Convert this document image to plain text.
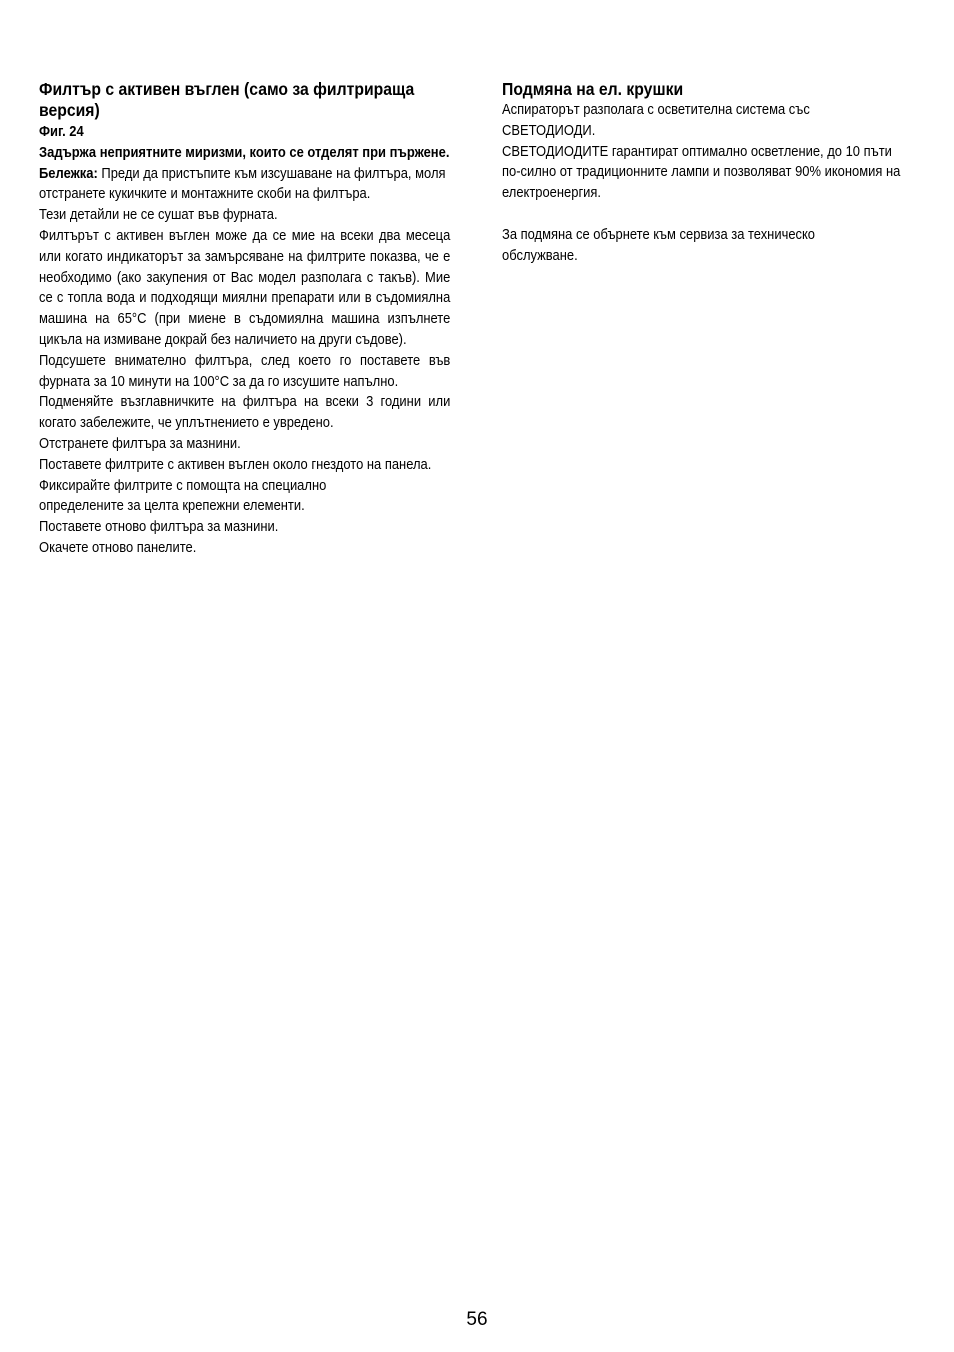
Филтър с активен въглен (само за филтрираща версия)
Фиг. 24
Задържа неприятните миризми, които се отделят при пържене.
Бележка: Преди да пристъпите към изсушаване на филтъра, моля отстранете кукичките и монтажните скоби на филтъра.
Тези детайли не се сушат във фурната.
Филтърът с активен въглен може да се мие на всеки два месеца или когато индикаторът за замърсяване на филтрите показва, че е необходимо (ако закупения от Вас модел разполага с такъв). Мие се с топла вода и подходящи миялни препарати или в съдомиялна машина на 65°C (при миене в съдомиялна машина изпълнете цикъла на измиване докрай без наличието на други съдове).
Подсушете внимателно филтъра, след което го поставете във фурната за 10 минути на 100°C за да го изсушите напълно.
Подменяйте възглавничките на филтъра на всеки 3 години или когато забележите, че уплътнението е увредено.
Отстранете филтъра за мазнини.
Поставете филтрите с активен въглен около гнездото на панела.
Фиксирайте филтрите с помощта на специално определените за целта крепежни елементи.
Поставете отново филтъра за мазнини.
Окачете отново панелите.
Подмяна на ел. крушки
Аспираторът разполага с осветителна система със СВЕТОДИОДИ.
СВЕТОДИОДИТЕ гарантират оптимално осветление, до 10 пъти по-силно от традиционните лампи и позволяват 90% икономия на електроенергия.
За подмяна се обърнете към сервиза за техническо обслужване.
56
